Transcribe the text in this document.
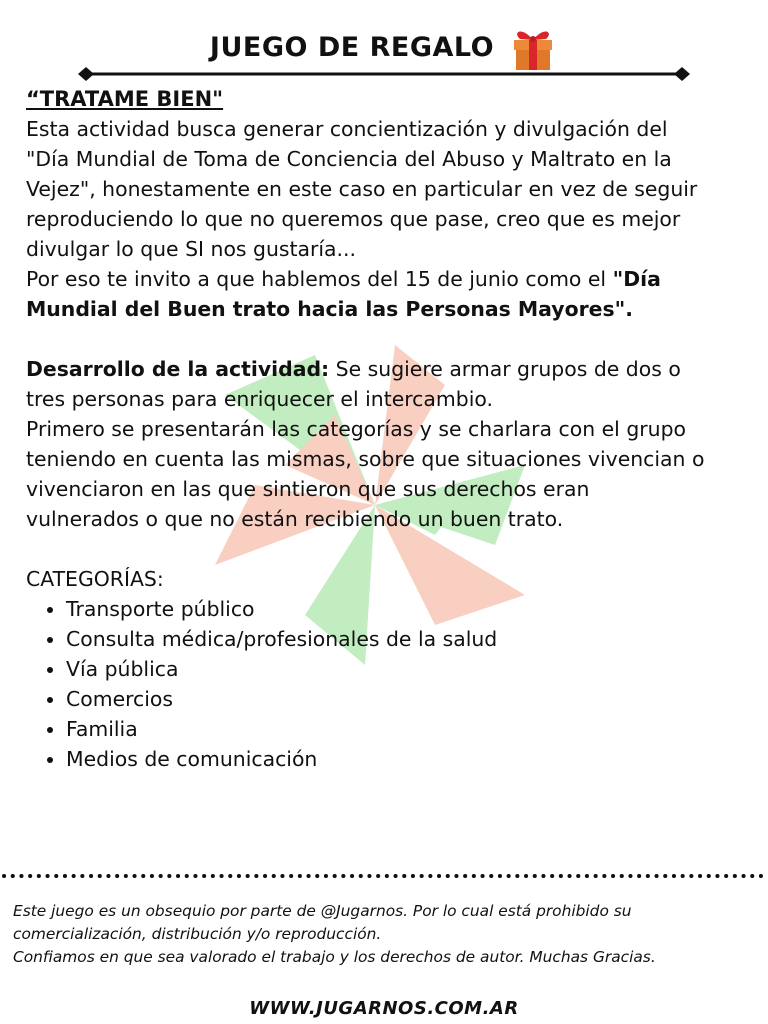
JUEGO DE REGALO

“TRATAME BIEN"

Esta actividad busca generar concientización y divulgación del

"Día Mundial de Toma de Conciencia del Abuso y Maltrato en la

Vejez", honestamente en este caso en particular en vez de seguir

reproduciendo lo que no queremos que pase, creo que es mejor

divulgar lo que SI nos gustaría...

Por eso te invito a que hablemos del 15 de junio como el "Día

Mundial del Buen trato hacia las Personas Mayores".

Desarrollo de la actividad: Se sugiere armar grupos de dos o

tres personas para enriquecer el intercambio.

Primero se presentarán las categorías y se charlara con el grupo

teniendo en cuenta las mismas, sobre que situaciones vivencian o

vivenciaron en las que sintieron que sus derechos eran

vulnerados o que no están recibiendo un buen trato.

CATEGORÍAS:

• Transporte público
• Consulta médica/profesionales de la salud
• Vía pública
• Comercios
• Familia
• Medios de comunicación

Este juego es un obsequio por parte de @Jugarnos. Por lo cual está prohibido su

comercialización, distribución y/o reproducción.

Confiamos en que sea valorado el trabajo y los derechos de autor. Muchas Gracias.

WWW.JUGARNOS.COM.AR
